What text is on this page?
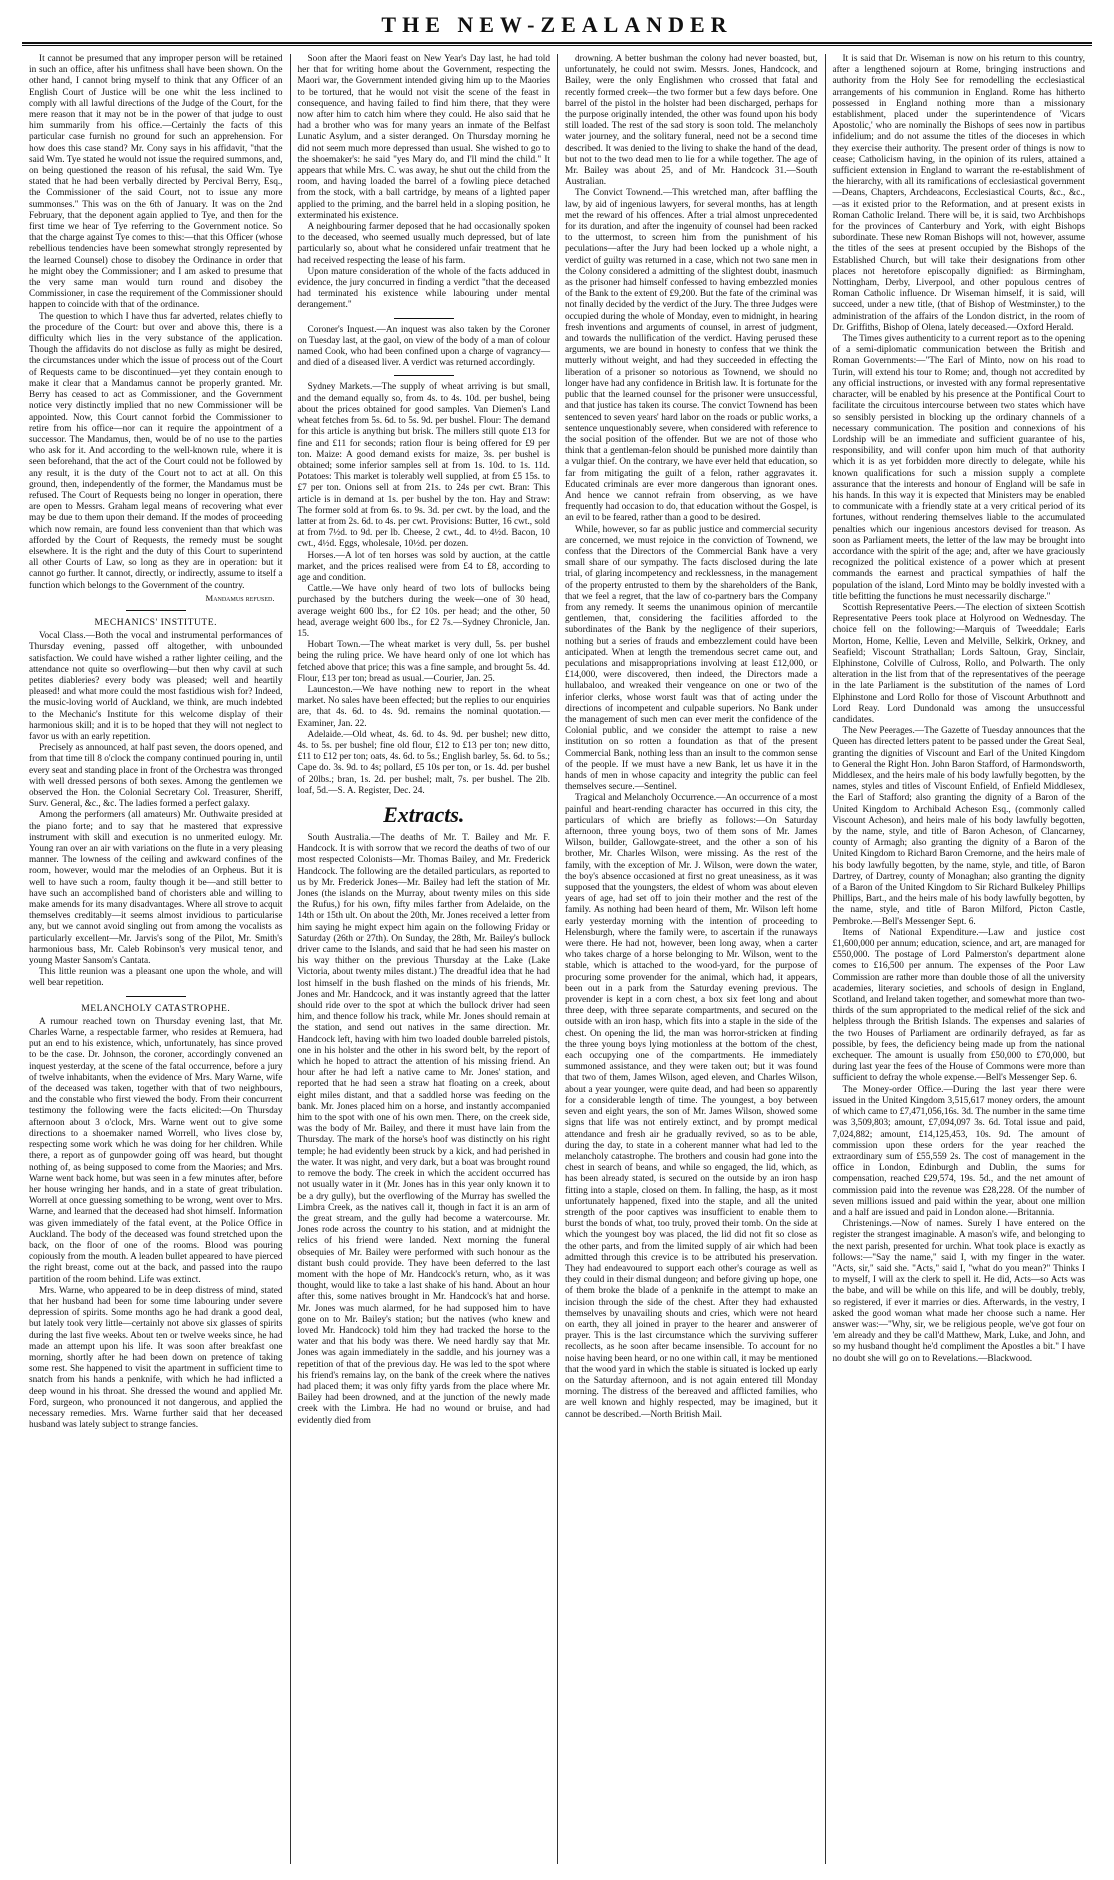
THE NEW-ZEALANDER

It cannot be presumed that any improper person will be retained in such an office, after his unfitness shall have been shown. On the other hand, I cannot bring myself to think that any Officer of an English Court of Justice will be one whit the less inclined to comply with all lawful directions of the Judge of the Court, for the mere reason that it may not be in the power of that judge to oust him summarily from his office.—Certainly the facts of this particular case furnish no ground for such an apprehension. For how does this case stand? Mr. Cony says in his affidavit, "that the said Wm. Tye stated he would not issue the required summons, and, on being questioned the reason of his refusal, the said Wm. Tye stated that he had been verbally directed by Percival Berry, Esq., the Commissioner of the said Court, not to issue any more summonses." This was on the 6th of January. It was on the 2nd February, that the deponent again applied to Tye, and then for the first time we hear of Tye referring to the Government notice. So that the charge against Tye comes to this:—that this Officer (whose rebellious tendencies have been somewhat strongly represented by the learned Counsel) chose to disobey the Ordinance in order that he might obey the Commissioner; and I am asked to presume that the very same man would turn round and disobey the Commissioner, in case the requirement of the Commissioner should happen to coincide with that of the ordinance.

The question to which I have thus far adverted, relates chiefly to the procedure of the Court: but over and above this, there is a difficulty which lies in the very substance of the application. Though the affidavits do not disclose as fully as might be desired, the circumstances under which the issue of process out of the Court of Requests came to be discontinued—yet they contain enough to make it clear that a Mandamus cannot be properly granted. Mr. Berry has ceased to act as Commissioner, and the Government notice very distinctly implied that no new Commissioner will be appointed. Now, this Court cannot forbid the Commissioner to retire from his office—nor can it require the appointment of a successor. The Mandamus, then, would be of no use to the parties who ask for it. And according to the well-known rule, where it is seen beforehand, that the act of the Court could not be followed by any result, it is the duty of the Court not to act at all. On this ground, then, independently of the former, the Mandamus must be refused. The Court of Requests being no longer in operation, there are open to Messrs. Graham legal means of recovering what ever may be due to them upon their demand. If the modes of proceeding which now remain, are found less convenient than that which was afforded by the Court of Requests, the remedy must be sought elsewhere. It is the right and the duty of this Court to superintend all other Courts of Law, so long as they are in operation: but it cannot go further. It cannot, directly, or indirectly, assume to itself a function which belongs to the Government of the country.

Mandamus refused.
MECHANICS' INSTITUTE.

Vocal Class.—Both the vocal and instrumental performances of Thursday evening, passed off altogether, with unbounded satisfaction. We could have wished a rather lighter ceiling, and the attendance not quite so overflowing—but then why cavil at such petites diableries? every body was pleased; well and heartily pleased! and what more could the most fastidious wish for? Indeed, the music-loving world of Auckland, we think, are much indebted to the Mechanic's Institute for this welcome display of their harmonious skill; and it is to be hoped that they will not neglect to favor us with an early repetition.

Precisely as announced, at half past seven, the doors opened, and from that time till 8 o'clock the company continued pouring in, until every seat and standing place in front of the Orchestra was thronged with well dressed persons of both sexes. Among the gentlemen we observed the Hon. the Colonial Secretary Col. Treasurer, Sheriff, Surv. General, &c., &c. The ladies formed a perfect galaxy.

Among the performers (all amateurs) Mr. Outhwaite presided at the piano forte; and to say that he mastered that expressive instrument with skill and execution is no unmerited eulogy. Mr. Young ran over an air with variations on the flute in a very pleasing manner. The lowness of the ceiling and awkward confines of the room, however, would mar the melodies of an Orpheus. But it is well to have such a room, faulty though it be—and still better to have such an accomplished band of choristers able and willing to make amends for its many disadvantages. Where all strove to acquit themselves creditably—it seems almost invidious to particularise any, but we cannot avoid singling out from among the vocalists as particularly excellent—Mr. Jarvis's song of the Pilot, Mr. Smith's harmonious bass, Mr. Caleb Robinson's very musical tenor, and young Master Sansom's Cantata.

This little reunion was a pleasant one upon the whole, and will well bear repetition.

MELANCHOLY CATASTROPHE.

A rumour reached town on Thursday evening last, that Mr. Charles Warne, a respectable farmer, who resides at Remuera, had put an end to his existence, which, unfortunately, has since proved to be the case. Dr. Johnson, the coroner, accordingly convened an inquest yesterday, at the scene of the fatal occurrence, before a jury of twelve inhabitants, when the evidence of Mrs. Mary Warne, wife of the deceased was taken, together with that of two neighbours, and the constable who first viewed the body. From their concurrent testimony the following were the facts elicited:—On Thursday afternoon about 3 o'clock, Mrs. Warne went out to give some directions to a shoemaker named Worrell, who lives close by, respecting some work which he was doing for her children. While there, a report as of gunpowder going off was heard, but thought nothing of, as being supposed to come from the Maories; and Mrs. Warne went back home, but was seen in a few minutes after, before her house wringing her hands, and in a state of great tribulation. Worrell at once guessing something to be wrong, went over to Mrs. Warne, and learned that the deceased had shot himself. Information was given immediately of the fatal event, at the Police Office in Auckland. The body of the deceased was found stretched upon the back, on the floor of one of the rooms. Blood was pouring copiously from the mouth. A leaden bullet appeared to have pierced the right breast, come out at the back, and passed into the raupo partition of the room behind. Life was extinct.

Mrs. Warne, who appeared to be in deep distress of mind, stated that her husband had been for some time labouring under severe depression of spirits. Some months ago he had drank a good deal, but lately took very little—certainly not above six glasses of spirits during the last five weeks. About ten or twelve weeks since, he had made an attempt upon his life. It was soon after breakfast one morning, shortly after he had been down on pretence of taking some rest. She happened to visit the apartment in sufficient time to snatch from his hands a penknife, with which he had inflicted a deep wound in his throat. She dressed the wound and applied Mr. Ford, surgeon, who pronounced it not dangerous, and applied the necessary remedies. Mrs. Warne further said that her deceased husband was lately subject to strange fancies.

Soon after the Maori feast on New Year's Day last, he had told her that for writing home about the Government, respecting the Maori war, the Government intended giving him up to the Maories to be tortured, that he would not visit the scene of the feast in consequence, and having failed to find him there, that they were now after him to catch him where they could. He also said that he had a brother who was for many years an inmate of the Belfast Lunatic Asylum, and a sister deranged. On Thursday morning he did not seem much more depressed than usual. She wished to go to the shoemaker's: he said "yes Mary do, and I'll mind the child." It appears that while Mrs. C. was away, he shut out the child from the room, and having loaded the barrel of a fowling piece detached from the stock, with a ball cartridge, by means of a lighted paper applied to the priming, and the barrel held in a sloping position, he exterminated his existence.

A neighbouring farmer deposed that he had occasionally spoken to the deceased, who seemed usually much depressed, but of late particularly so, about what he considered unfair treatment that he had received respecting the lease of his farm.

Upon mature consideration of the whole of the facts adduced in evidence, the jury concurred in finding a verdict "that the deceased had terminated his existence while labouring under mental derangement."

Coroner's Inquest.—An inquest was also taken by the Coroner on Tuesday last, at the gaol, on view of the body of a man of colour named Cook, who had been confined upon a charge of vagrancy—and died of a diseased liver. A verdict was returned accordingly.

Sydney Markets.—The supply of wheat arriving is but small, and the demand equally so, from 4s. to 4s. 10d. per bushel, being about the prices obtained for good samples. Van Diemen's Land wheat fetches from 5s. 6d. to 5s. 9d. per bushel. Flour: The demand for this article is anything but brisk. The millers still quote £13 for fine and £11 for seconds; ration flour is being offered for £9 per ton. Maize: A good demand exists for maize, 3s. per bushel is obtained; some inferior samples sell at from 1s. 10d. to 1s. 11d. Potatoes: This market is tolerably well supplied, at from £5 15s. to £7 per ton. Onions sell at from 21s. to 24s per cwt. Bran: This article is in demand at 1s. per bushel by the ton. Hay and Straw: The former sold at from 6s. to 9s. 3d. per cwt. by the load, and the latter at from 2s. 6d. to 4s. per cwt. Provisions: Butter, 16 cwt., sold at from 7½d. to 9d. per lb. Cheese, 2 cwt., 4d. to 4½d. Bacon, 10 cwt., 4½d. Eggs, wholesale, 10½d. per dozen.

Horses.—A lot of ten horses was sold by auction, at the cattle market, and the prices realised were from £4 to £8, according to age and condition.

Cattle.—We have only heard of two lots of bullocks being purchased by the butchers during the week—one of 30 head, average weight 600 lbs., for £2 10s. per head; and the other, 50 head, average weight 600 lbs., for £2 7s.—Sydney Chronicle, Jan. 15.

Hobart Town.—The wheat market is very dull, 5s. per bushel being the ruling price. We have heard only of one lot which has fetched above that price; this was a fine sample, and brought 5s. 4d. Flour, £13 per ton; bread as usual.—Courier, Jan. 25.

Launceston.—We have nothing new to report in the wheat market. No sales have been effected; but the replies to our enquiries are, that 4s. 6d. to 4s. 9d. remains the nominal quotation.—Examiner, Jan. 22.

Adelaide.—Old wheat, 4s. 6d. to 4s. 9d. per bushel; new ditto, 4s. to 5s. per bushel; fine old flour, £12 to £13 per ton; new ditto, £11 to £12 per ton; oats, 4s. 6d. to 5s.; English barley, 5s. 6d. to 5s.; Cape do. 3s. 9d. to 4s; pollard, £5 10s per ton, or 1s. 4d. per bushel of 20lbs.; bran, 1s. 2d. per bushel; malt, 7s. per bushel. The 2lb. loaf, 5d.—S. A. Register, Dec. 24.

Extracts.

South Australia.—The deaths of Mr. T. Bailey and Mr. F. Handcock. It is with sorrow that we record the deaths of two of our most respected Colonists—Mr. Thomas Bailey, and Mr. Frederick Handcock. The following are the detailed particulars, as reported to us by Mr. Frederick Jones—Mr. Bailey had left the station of Mr. Jones (the islands on the Murray, about twenty miles on this side the Rufus,) for his own, fifty miles farther from Adelaide, on the 14th or 15th ult. On about the 20th, Mr. Jones received a letter from him saying he might expect him again on the following Friday or Saturday (26th or 27th). On Sunday, the 28th, Mr. Bailey's bullock driver came to the Islands, and said that he had seen his master on his way thither on the previous Thursday at the Lake (Lake Victoria, about twenty miles distant.) The dreadful idea that he had lost himself in the bush flashed on the minds of his friends, Mr. Jones and Mr. Handcock, and it was instantly agreed that the latter should ride over to the spot at which the bullock driver had seen him, and thence follow his track, while Mr. Jones should remain at the station, and send out natives in the same direction. Mr. Handcock left, having with him two loaded double barreled pistols, one in his holster and the other in his sword belt, by the report of which he hoped to attract the attention of his missing friend. An hour after he had left a native came to Mr. Jones' station, and reported that he had seen a straw hat floating on a creek, about eight miles distant, and that a saddled horse was feeding on the bank. Mr. Jones placed him on a horse, and instantly accompanied him to the spot with one of his own men. There, on the creek side, was the body of Mr. Bailey, and there it must have lain from the Thursday. The mark of the horse's hoof was distinctly on his right temple; he had evidently been struck by a kick, and had perished in the water. It was night, and very dark, but a boat was brought round to remove the body. The creek in which the accident occurred has not usually water in it (Mr. Jones has in this year only known it to be a dry gully), but the overflowing of the Murray has swelled the Limbra Creek, as the natives call it, though in fact it is an arm of the great stream, and the gully had become a watercourse. Mr. Jones rode across the country to his station, and at midnight the relics of his friend were landed. Next morning the funeral obsequies of Mr. Bailey were performed with such honour as the distant bush could provide. They have been deferred to the last moment with the hope of Mr. Handcock's return, who, as it was thought, would like to take a last shake of his hand. About an hour after this, some natives brought in Mr. Handcock's hat and horse. Mr. Jones was much alarmed, for he had supposed him to have gone on to Mr. Bailey's station; but the natives (who knew and loved Mr. Handcock) told him they had tracked the horse to the water and that his body was there. We need hardly say that Mr. Jones was again immediately in the saddle, and his journey was a repetition of that of the previous day. He was led to the spot where his friend's remains lay, on the bank of the creek where the natives had placed them; it was only fifty yards from the place where Mr. Bailey had been drowned, and at the junction of the newly made creek with the Limbra. He had no wound or bruise, and had evidently died from

drowning. A better bushman the colony had never boasted, but, unfortunately, he could not swim. Messrs. Jones, Handcock, and Bailey, were the only Englishmen who crossed that fatal and recently formed creek—the two former but a few days before. One barrel of the pistol in the holster had been discharged, perhaps for the purpose originally intended, the other was found upon his body still loaded. The rest of the sad story is soon told. The melancholy water journey, and the solitary funeral, need not be a second time described. It was denied to the living to shake the hand of the dead, but not to the two dead men to lie for a while together. The age of Mr. Bailey was about 25, and of Mr. Handcock 31.—South Australian.

The Convict Townend.—This wretched man, after baffling the law, by aid of ingenious lawyers, for several months, has at length met the reward of his offences. After a trial almost unprecedented for its duration, and after the ingenuity of counsel had been racked to the uttermost, to screen him from the punishment of his peculations—after the Jury had been locked up a whole night, a verdict of guilty was returned in a case, which not two sane men in the Colony considered a admitting of the slightest doubt, inasmuch as the prisoner had himself confessed to having embezzled monies of the Bank to the extent of £9,200. But the fate of the criminal was not finally decided by the verdict of the Jury. The three Judges were occupied during the whole of Monday, even to midnight, in hearing fresh inventions and arguments of counsel, in arrest of judgment, and towards the nullification of the verdict. Having perused these arguments, we are bound in honesty to confess that we think the mutterly without weight, and had they succeeded in effecting the liberation of a prisoner so notorious as Townend, we should no longer have had any confidence in British law. It is fortunate for the public that the learned counsel for the prisoner were unsuccessful, and that justice has taken its course. The convict Townend has been sentenced to seven years' hard labor on the roads or public works, a sentence unquestionably severe, when considered with reference to the social position of the offender. But we are not of those who think that a gentleman-felon should be punished more daintily than a vulgar thief. On the contrary, we have ever held that education, so far from mitigating the guilt of a felon, rather aggravates it. Educated criminals are ever more dangerous than ignorant ones. And hence we cannot refrain from observing, as we have frequently had occasion to do, that education without the Gospel, is an evil to be feared, rather than a good to be desired.

While, however, so far as public justice and commercial security are concerned, we must rejoice in the conviction of Townend, we confess that the Directors of the Commercial Bank have a very small share of our sympathy. The facts disclosed during the late trial, of glaring incompetency and recklessness, in the management of the property entrusted to them by the shareholders of the Bank, that we feel a regret, that the law of co-partnery bars the Company from any remedy. It seems the unanimous opinion of mercantile gentlemen, that, considering the facilities afforded to the subordinates of the Bank by the negligence of their superiors, nothing but a series of frauds and embezzlement could have been anticipated. When at length the tremendous secret came out, and peculations and misappropriations involving at least £12,000, or £14,000, were discovered, then indeed, the Directors made a hullabaloo, and wreaked their vengeance on one or two of the inferior clerks, whose worst fault was that of acting under the directions of incompetent and culpable superiors. No Bank under the management of such men can ever merit the confidence of the Colonial public, and we consider the attempt to raise a new institution on so rotten a foundation as that of the present Commercial Bank, nothing less than an insult to the common sense of the people. If we must have a new Bank, let us have it in the hands of men in whose capacity and integrity the public can feel themselves secure.—Sentinel.

Tragical and Melancholy Occurrence.—An occurrence of a most painful and heart-rending character has occurred in this city, the particulars of which are briefly as follows:—On Saturday afternoon, three young boys, two of them sons of Mr. James Wilson, builder, Gallowgate-street, and the other a son of his brother, Mr. Charles Wilson, were missing. As the rest of the family, with the exception of Mr. J. Wilson, were down the water, the boy's absence occasioned at first no great uneasiness, as it was supposed that the youngsters, the eldest of whom was about eleven years of age, had set off to join their mother and the rest of the family. As nothing had been heard of them, Mr. Wilson left home early yesterday morning with the intention of proceeding to Helensburgh, where the family were, to ascertain if the runaways were there. He had not, however, been long away, when a carter who takes charge of a horse belonging to Mr. Wilson, went to the stable, which is attached to the wood-yard, for the purpose of procuring some provender for the animal, which had, it appears, been out in a park from the Saturday evening previous. The provender is kept in a corn chest, a box six feet long and about three deep, with three separate compartments, and secured on the outside with an iron hasp, which fits into a staple in the side of the chest. On opening the lid, the man was horror-stricken at finding the three young boys lying motionless at the bottom of the chest, each occupying one of the compartments. He immediately summoned assistance, and they were taken out; but it was found that two of them, James Wilson, aged eleven, and Charles Wilson, about a year younger, were quite dead, and had been so apparently for a considerable length of time. The youngest, a boy between seven and eight years, the son of Mr. James Wilson, showed some signs that life was not entirely extinct, and by prompt medical attendance and fresh air he gradually revived, so as to be able, during the day, to state in a coherent manner what had led to the melancholy catastrophe. The brothers and cousin had gone into the chest in search of beans, and while so engaged, the lid, which, as has been already stated, is secured on the outside by an iron hasp fitting into a staple, closed on them. In falling, the hasp, as it most unfortunately happened, fixed into the staple, and all the united strength of the poor captives was insufficient to enable them to burst the bonds of what, too truly, proved their tomb. On the side at which the youngest boy was placed, the lid did not fit so close as the other parts, and from the limited supply of air which had been admitted through this crevice is to be attributed his preservation. They had endeavoured to support each other's courage as well as they could in their dismal dungeon; and before giving up hope, one of them broke the blade of a penknife in the attempt to make an incision through the side of the chest. After they had exhausted themselves by unavailing shouts and cries, which were not heard on earth, they all joined in prayer to the hearer and answerer of prayer. This is the last circumstance which the surviving sufferer recollects, as he soon after became insensible. To account for no noise having been heard, or no one within call, it may be mentioned that the wood yard in which the stable is situated is locked up early on the Saturday afternoon, and is not again entered till Monday morning. The distress of the bereaved and afflicted families, who are well known and highly respected, may be imagined, but it cannot be described.—North British Mail.

It is said that Dr. Wiseman is now on his return to this country, after a lengthened sojourn at Rome, bringing instructions and authority from the Holy See for remodelling the ecclesiastical arrangements of his communion in England. Rome has hitherto possessed in England nothing more than a missionary establishment, placed under the superintendence of 'Vicars Apostolic,' who are nominally the Bishops of sees now in partibus infidelium; and do not assume the titles of the dioceses in which they exercise their authority. The present order of things is now to cease; Catholicism having, in the opinion of its rulers, attained a sufficient extension in England to warrant the re-establishment of the hierarchy, with all its ramifications of ecclesiastical government—Deans, Chapters, Archdeacons, Ecclesiastical Courts, &c., &c.,—as it existed prior to the Reformation, and at present exists in Roman Catholic Ireland. There will be, it is said, two Archbishops for the provinces of Canterbury and York, with eight Bishops subordinate. These new Roman Bishops will not, however, assume the titles of the sees at present occupied by the Bishops of the Established Church, but will take their designations from other places not heretofore episcopally dignified: as Birmingham, Nottingham, Derby, Liverpool, and other populous centres of Roman Catholic influence. Dr Wiseman himself, it is said, will succeed, under a new title, (that of Bishop of Westminster,) to the administration of the affairs of the London district, in the room of Dr. Griffiths, Bishop of Olena, lately deceased.—Oxford Herald.

The Times gives authenticity to a current report as to the opening of a semi-diplomatic communication between the British and Roman Governments:—"The Earl of Minto, now on his road to Turin, will extend his tour to Rome; and, though not accredited by any official instructions, or invested with any formal representative character, will be enabled by his presence at the Pontifical Court to facilitate the circuitous intercourse between two states which have so sensibly persisted in blocking up the ordinary channels of a necessary communication. The position and connexions of his Lordship will be an immediate and sufficient guarantee of his, responsibility, and will confer upon him much of that authority which it is as yet forbidden more directly to delegate, while his known qualifications for such a mission supply a complete assurance that the interests and honour of England will be safe in his hands. In this way it is expected that Ministers may be enabled to communicate with a friendly state at a very critical period of its fortunes, without rendering themselves liable to the accumulated penalties which our ingenious ancestors devised for treason. As soon as Parliament meets, the letter of the law may be brought into accordance with the spirit of the age; and, after we have graciously recognized the political existence of a power which at present commands the earnest and practical sympathies of half the population of the island, Lord Minto may be boldly invested with a title befitting the functions he must necessarily discharge."

Scottish Representative Peers.—The election of sixteen Scottish Representative Peers took place at Holyrood on Wednesday. The choice fell on the following:—Marquis of Tweeddale; Earls Morton, Home, Kellie, Leven and Melville, Selkirk, Orkney, and Seafield; Viscount Strathallan; Lords Saltoun, Gray, Sinclair, Elphinstone, Colville of Culross, Rollo, and Polwarth. The only alteration in the list from that of the representatives of the peerage in the late Parliament is the substitution of the names of Lord Elphinstone and Lord Rollo for those of Viscount Arbuthnott and Lord Reay. Lord Dundonald was among the unsuccessful candidates.

The New Peerages.—The Gazette of Tuesday announces that the Queen has directed letters patent to be passed under the Great Seal, granting the dignities of Viscount and Earl of the United Kingdom to General the Right Hon. John Baron Stafford, of Harmondsworth, Middlesex, and the heirs male of his body lawfully begotten, by the names, styles and titles of Viscount Enfield, of Enfield Middlesex, the Earl of Stafford; also granting the dignity of a Baron of the United Kingdom to Archibald Acheson Esq., (commonly called Viscount Acheson), and heirs male of his body lawfully begotten, by the name, style, and title of Baron Acheson, of Clancarney, county of Armagh; also granting the dignity of a Baron of the United Kingdom to Richard Baron Cremorne, and the heirs male of his body lawfully begotten, by the name, style, and title, of Baron Dartrey, of Dartrey, county of Monaghan; also granting the dignity of a Baron of the United Kingdom to Sir Richard Bulkeley Phillips Phillips, Bart., and the heirs male of his body lawfully begotten, by the name, style, and title of Baron Milford, Picton Castle, Pembroke.—Bell's Messenger Sept. 6.

Items of National Expenditure.—Law and justice cost £1,600,000 per annum; education, science, and art, are managed for £550,000. The postage of Lord Palmerston's department alone comes to £16,500 per annum. The expenses of the Poor Law Commission are rather more than double those of all the university academies, literary societies, and schools of design in England, Scotland, and Ireland taken together, and somewhat more than two-thirds of the sum appropriated to the medical relief of the sick and helpless through the British Islands. The expenses and salaries of the two Houses of Parliament are ordinarily defrayed, as far as possible, by fees, the deficiency being made up from the national exchequer. The amount is usually from £50,000 to £70,000, but during last year the fees of the House of Commons were more than sufficient to defray the whole expense.—Bell's Messenger Sep. 6.

The Money-order Office.—During the last year there were issued in the United Kingdom 3,515,617 money orders, the amount of which came to £7,471,056,16s. 3d. The number in the same time was 3,509,803; amount, £7,094,097 3s. 6d. Total issue and paid, 7,024,882; amount, £14,125,453, 10s. 9d. The amount of commission upon these orders for the year reached the extraordinary sum of £55,559 2s. The cost of management in the office in London, Edinburgh and Dublin, the sums for compensation, reached £29,574, 19s. 5d., and the net amount of commission paid into the revenue was £28,228. Of the number of seven millions issued and paid within the year, about one million and a half are issued and paid in London alone.—Britannia.

Christenings.—Now of names. Surely I have entered on the register the strangest imaginable. A mason's wife, and belonging to the next parish, presented for urchin. What took place is exactly as follows:—"Say the name," said I, with my finger in the water. "Acts, sir," said she. "Acts," said I, "what do you mean?" Thinks I to myself, I will ax the clerk to spell it. He did, Acts—so Acts was the babe, and will be while on this life, and will be doubly, trebly, so registered, if ever it marries or dies. Afterwards, in the vestry, I asked the good woman what made her choose such a name. Her answer was:—"Why, sir, we be religious people, we've got four on 'em already and they be call'd Matthew, Mark, Luke, and John, and so my husband thought he'd compliment the Apostles a bit." I have no doubt she will go on to Revelations.—Blackwood.
